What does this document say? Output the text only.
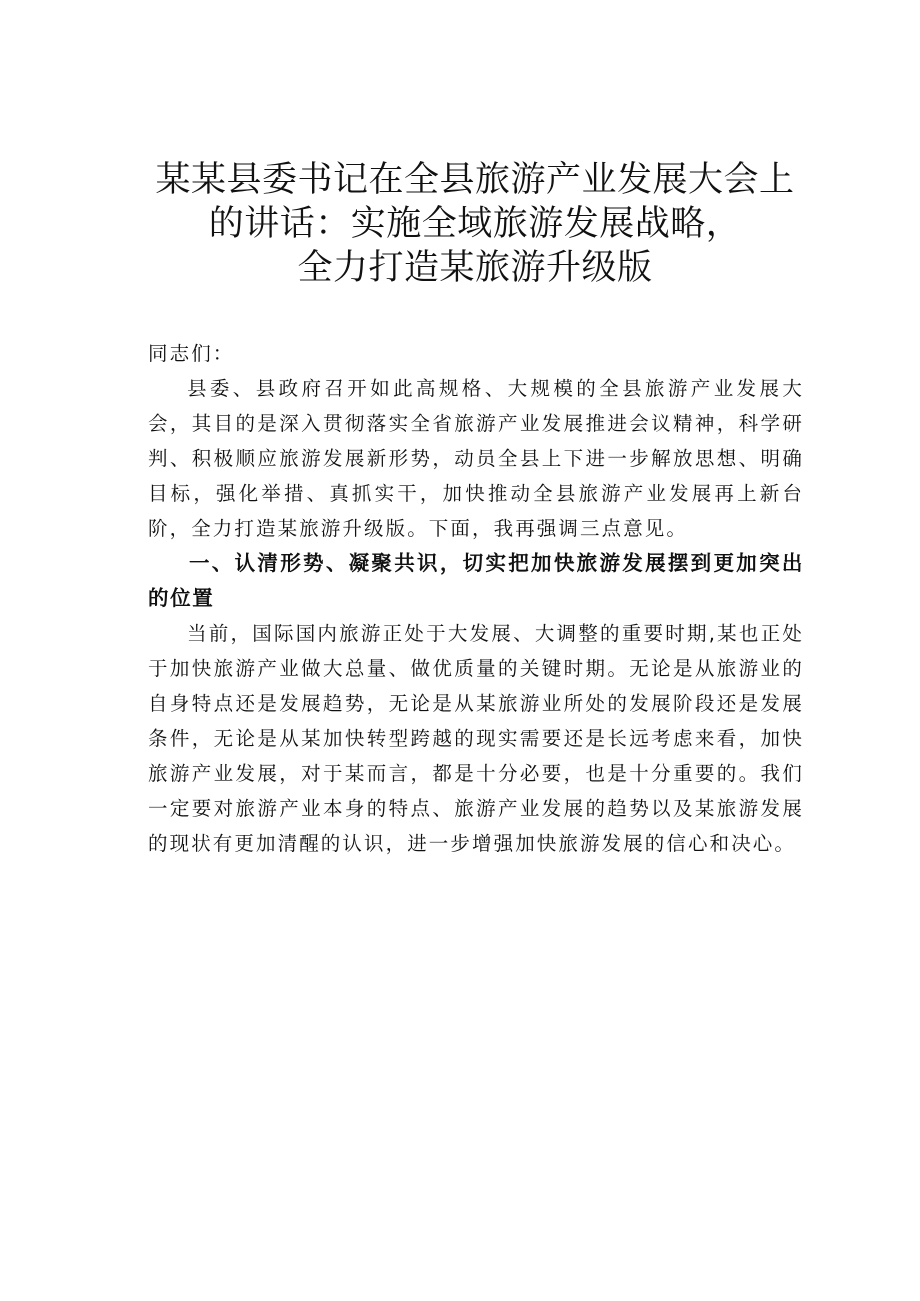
某某县委书记在全县旅游产业发展大会上
的讲话：实施全域旅游发展战略，
全力打造某旅游升级版

同志们：

县委、县政府召开如此高规格、大规模的全县旅游产业发展大会，其目的是深入贯彻落实全省旅游产业发展推进会议精神，科学研判、积极顺应旅游发展新形势，动员全县上下进一步解放思想、明确目标，强化举措、真抓实干，加快推动全县旅游产业发展再上新台阶，全力打造某旅游升级版。下面，我再强调三点意见。

一、认清形势、凝聚共识，切实把加快旅游发展摆到更加突出的位置

当前，国际国内旅游正处于大发展、大调整的重要时期,某也正处于加快旅游产业做大总量、做优质量的关键时期。无论是从旅游业的自身特点还是发展趋势，无论是从某旅游业所处的发展阶段还是发展条件，无论是从某加快转型跨越的现实需要还是长远考虑来看，加快旅游产业发展，对于某而言，都是十分必要，也是十分重要的。我们一定要对旅游产业本身的特点、旅游产业发展的趋势以及某旅游发展的现状有更加清醒的认识，进一步增强加快旅游发展的信心和决心。
